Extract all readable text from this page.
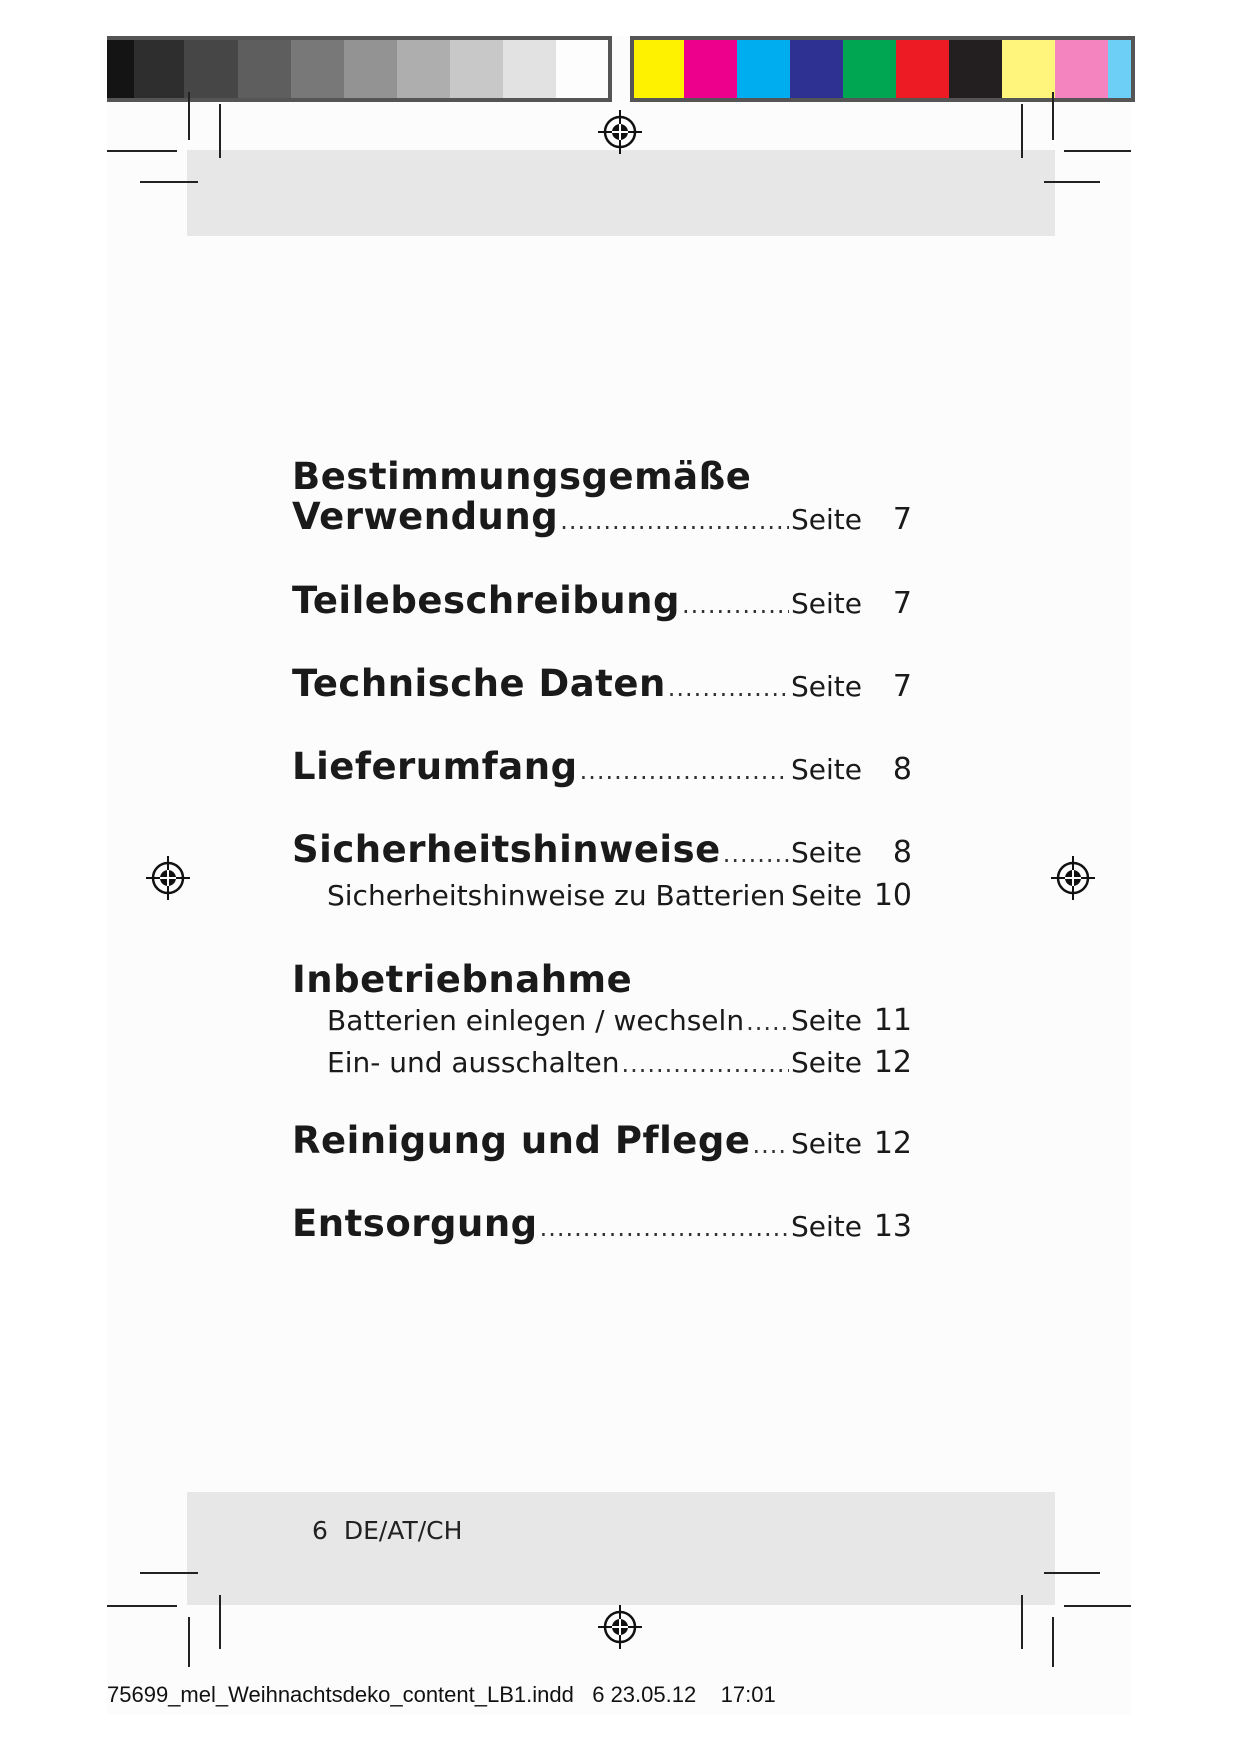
Bestimmungsgemäße
Verwendung .....	Seite	7
Teilebeschreibung .....	Seite	7
Technische Daten .....	Seite	7
Lieferumfang .....	Seite	8
Sicherheitshinweise .....	Seite	8
Sicherheitshinweise zu Batterien ..... Seite 10
Inbetriebnahme
Batterien einlegen / wechseln ..... Seite 11
Ein- und ausschalten .....	Seite 12
Reinigung und Pflege ..... Seite 12
Entsorgung .....	Seite 13
6 DE/AT/CH
75699_mel_Weihnachtsdeko_content_LB1.indd 6 23.05.12 17:01
